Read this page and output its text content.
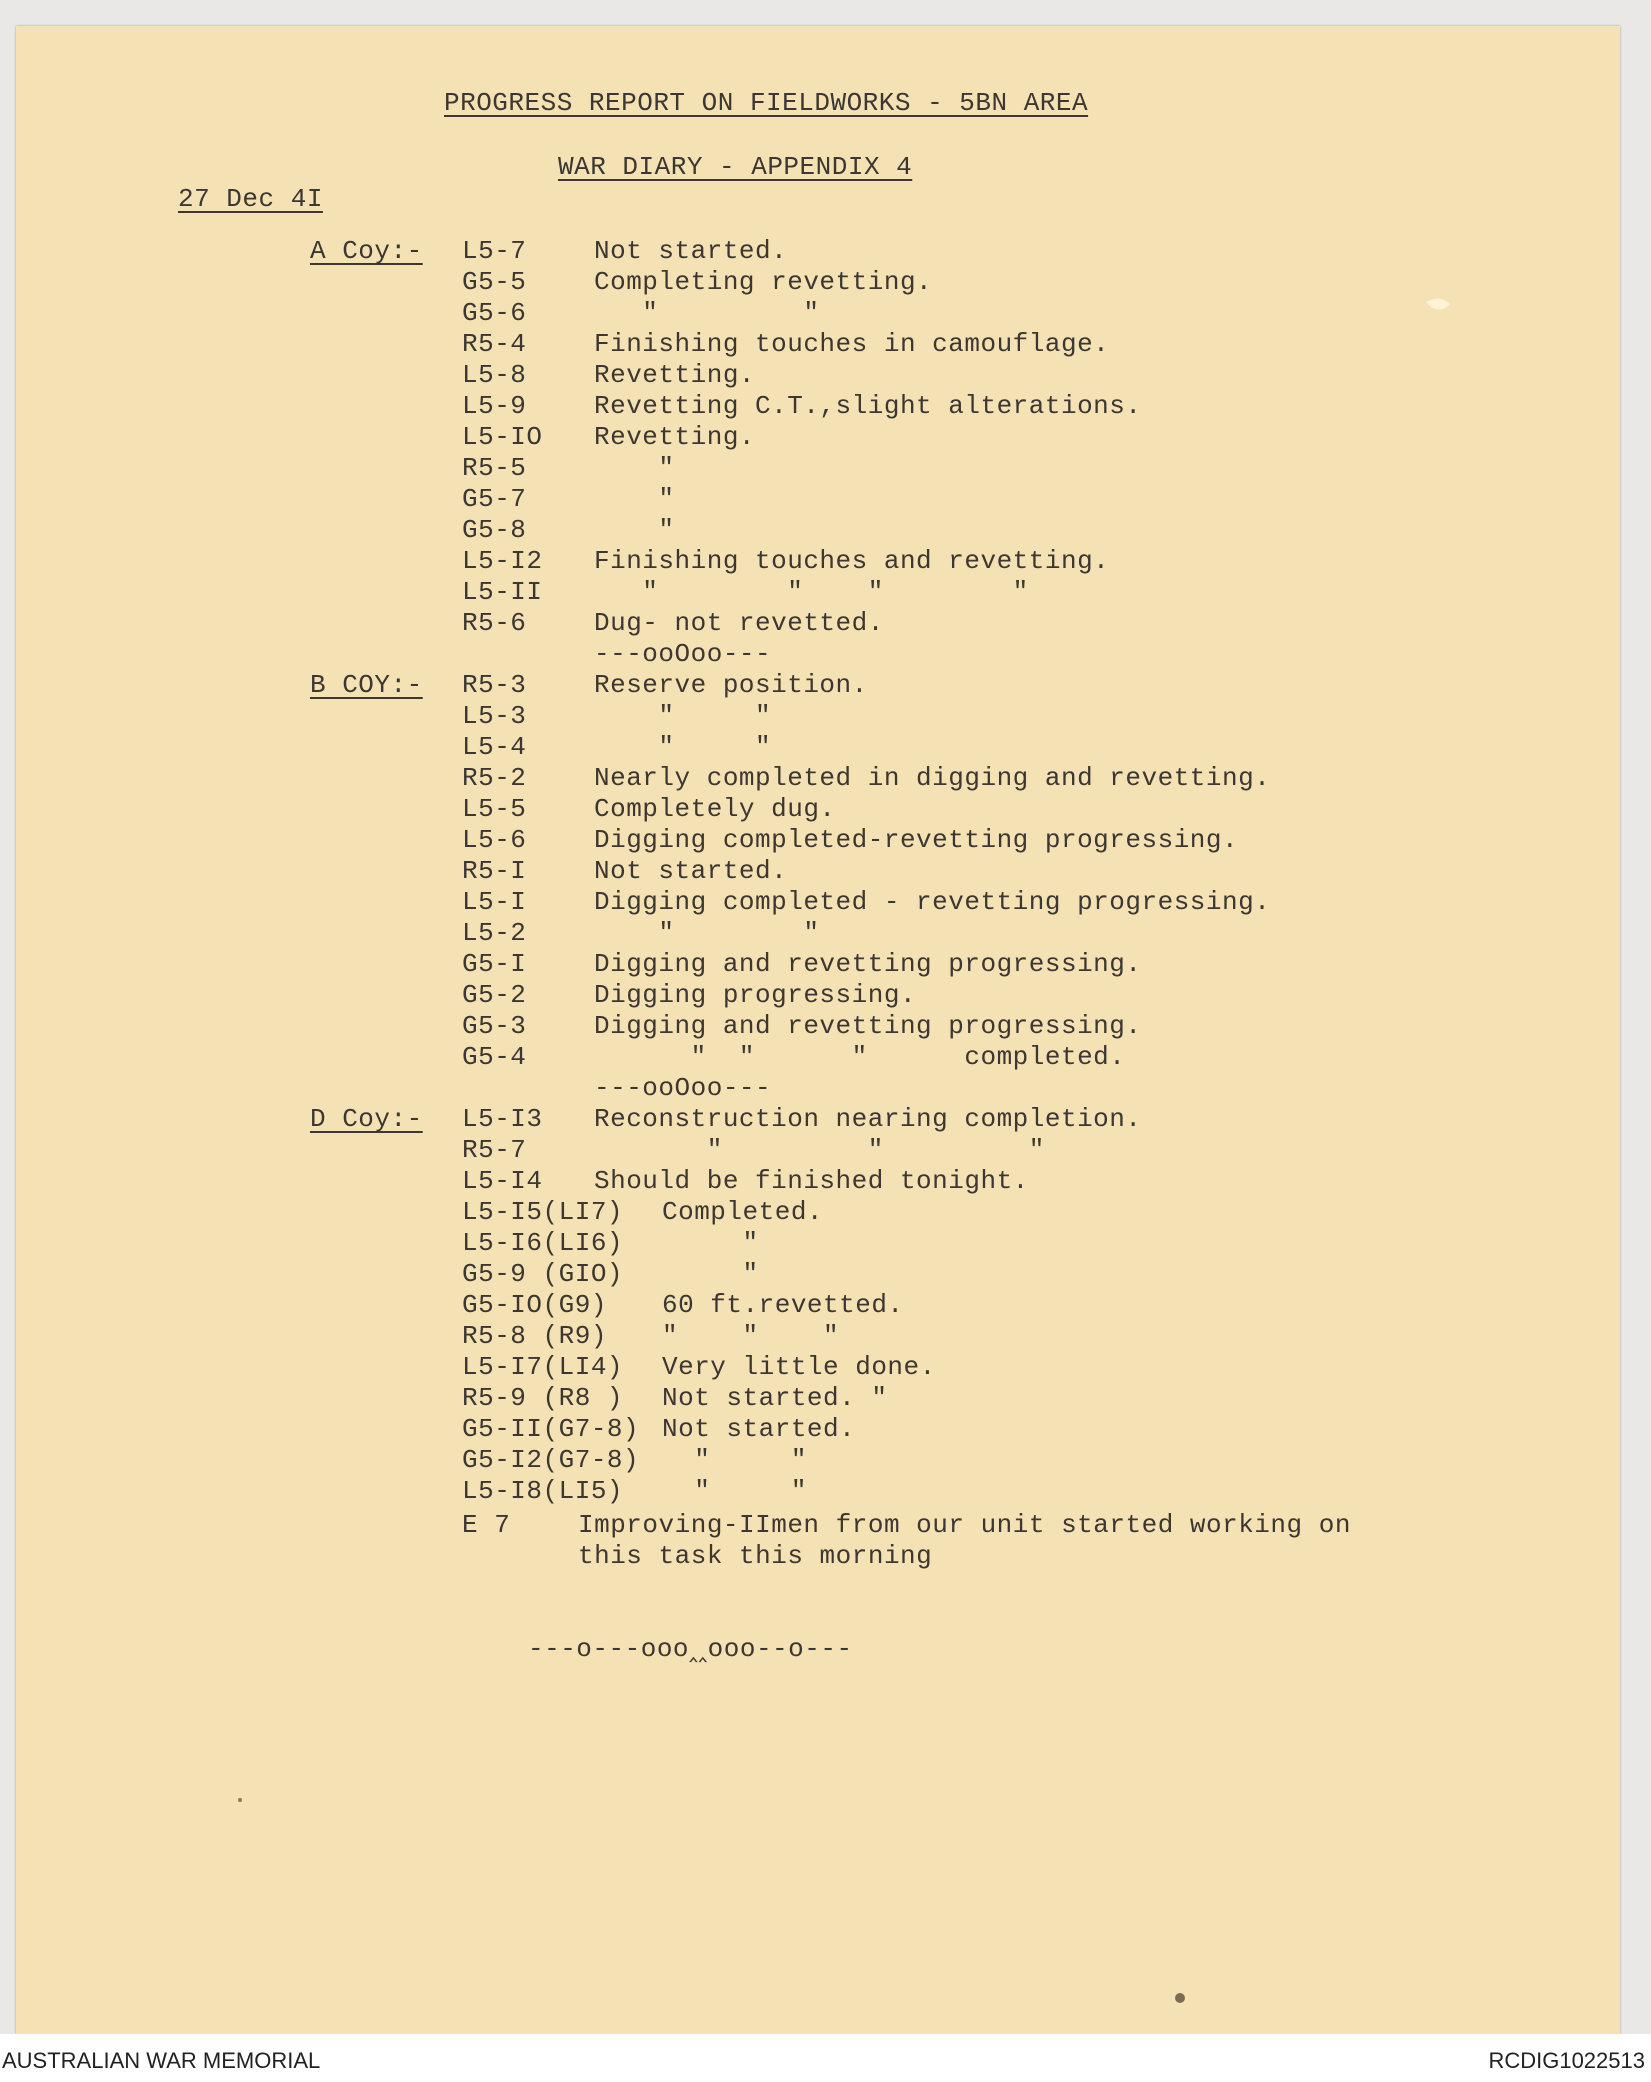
PROGRESS REPORT ON FIELDWORKS - 5BN AREA
WAR DIARY - APPENDIX 4
27 Dec 4I
A Coy:- L5-7	Not started.
G5-5	Completing revetting.
G5-6	"         "
R5-4	Finishing touches in camouflage.
L5-8	Revetting.
L5-9	Revetting C.T.,slight alterations.
L5-IO Revetting.
R5-5	"
G5-7	"
G5-8	"
L5-I2 Finishing touches and revetting.
L5-II "        "    "        "
R5-6	Dug- not revetted.
---ooOoo---
B COY:- R5-3	Reserve position.
L5-3	"     "
L5-4	"     "
R5-2	Nearly completed in digging and revetting.
L5-5	Completely dug.
L5-6	Digging completed-revetting progressing.
R5-I	Not started.
L5-I	Digging completed - revetting progressing.
L5-2	"        "
G5-I	Digging and revetting progressing.
G5-2	Digging progressing.
G5-3	Digging and revetting progressing.
G5-4	"  "      "      completed.
---ooOoo---
D Coy:- L5-I3 Reconstruction nearing completion.
R5-7	"         "         "
L5-I4 Should be finished tonight.
L5-I5(LI7) Completed.
L5-I6(LI6) "
G5-9 (GIO) "
G5-IO(G9) 60 ft.revetted.
R5-8 (R9) "    "    "
L5-I7(LI4) Very little done.
R5-9 (R8 ) Not started. "
G5-II(G7-8) Not started.
G5-I2(G7-8) "     "
L5-I8(LI5) "     "
E 7	Improving-IImen from our unit started working on
this task this morning
---o---ooo‸‸ooo--o---
AUSTRALIAN WAR MEMORIAL	RCDIG1022513
